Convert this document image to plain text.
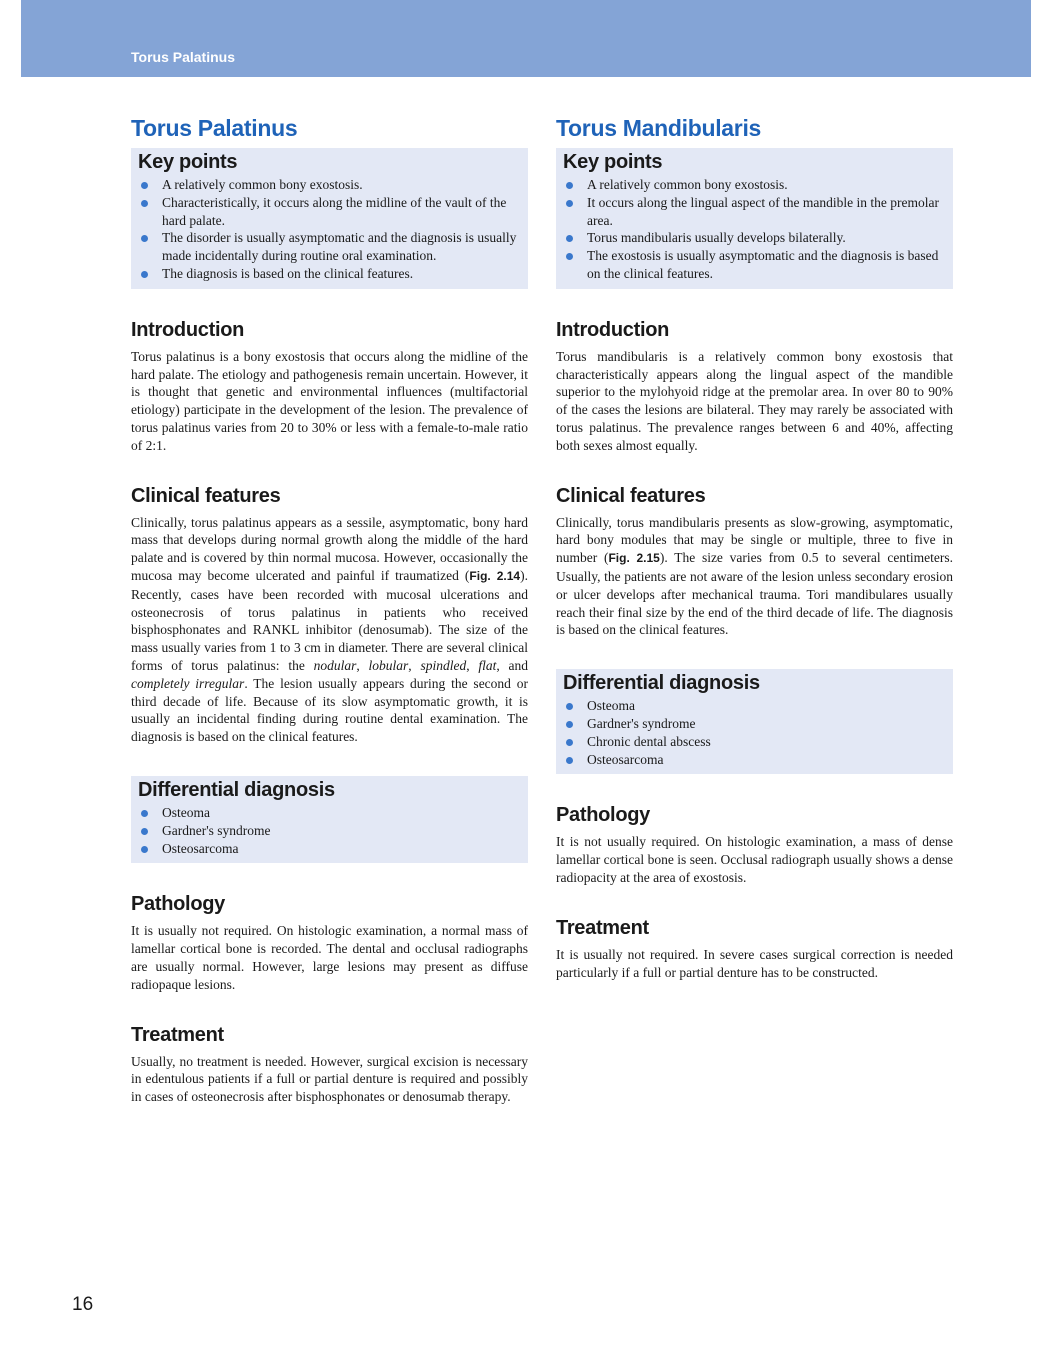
Torus Palatinus
Torus Palatinus
Key points
A relatively common bony exostosis.
Characteristically, it occurs along the midline of the vault of the hard palate.
The disorder is usually asymptomatic and the diagnosis is usually made incidentally during routine oral examination.
The diagnosis is based on the clinical features.
Introduction

Torus palatinus is a bony exostosis that occurs along the midline of the hard palate. The etiology and pathogenesis remain uncertain. However, it is thought that genetic and environmental influences (multifactorial etiology) participate in the development of the lesion. The prevalence of torus palatinus varies from 20 to 30% or less with a female-to-male ratio of 2:1.

Clinical features

Clinically, torus palatinus appears as a sessile, asymptomatic, bony hard mass that develops during normal growth along the middle of the hard palate and is covered by thin normal mucosa. However, occasionally the mucosa may become ulcerated and painful if traumatized (Fig. 2.14). Recently, cases have been recorded with mucosal ulcerations and osteonecrosis of torus palatinus in patients who received bisphosphonates and RANKL inhibitor (denosumab). The size of the mass usually varies from 1 to 3 cm in diameter. There are several clinical forms of torus palatinus: the nodular, lobular, spindled, flat, and completely irregular. The lesion usually appears during the second or third decade of life. Because of its slow asymptomatic growth, it is usually an incidental finding during routine dental examination. The diagnosis is based on the clinical features.

Differential diagnosis
Osteoma
Gardner's syndrome
Osteosarcoma
Pathology

It is usually not required. On histologic examination, a normal mass of lamellar cortical bone is recorded. The dental and occlusal radiographs are usually normal. However, large lesions may present as diffuse radiopaque lesions.

Treatment

Usually, no treatment is needed. However, surgical excision is necessary in edentulous patients if a full or partial denture is required and possibly in cases of osteonecrosis after bisphosphonates or denosumab therapy.

Torus Mandibularis
Key points
A relatively common bony exostosis.
It occurs along the lingual aspect of the mandible in the premolar area.
Torus mandibularis usually develops bilaterally.
The exostosis is usually asymptomatic and the diagnosis is based on the clinical features.
Introduction

Torus mandibularis is a relatively common bony exostosis that characteristically appears along the lingual aspect of the mandible superior to the mylohyoid ridge at the premolar area. In over 80 to 90% of the cases the lesions are bilateral. They may rarely be associated with torus palatinus. The prevalence ranges between 6 and 40%, affecting both sexes almost equally.

Clinical features

Clinically, torus mandibularis presents as slow-growing, asymptomatic, hard bony modules that may be single or multiple, three to five in number (Fig. 2.15). The size varies from 0.5 to several centimeters. Usually, the patients are not aware of the lesion unless secondary erosion or ulcer develops after mechanical trauma. Tori mandibulares usually reach their final size by the end of the third decade of life. The diagnosis is based on the clinical features.

Differential diagnosis
Osteoma
Gardner's syndrome
Chronic dental abscess
Osteosarcoma
Pathology

It is not usually required. On histologic examination, a mass of dense lamellar cortical bone is seen. Occlusal radiograph usually shows a dense radiopacity at the area of exostosis.

Treatment

It is usually not required. In severe cases surgical correction is needed particularly if a full or partial denture has to be constructed.

16
